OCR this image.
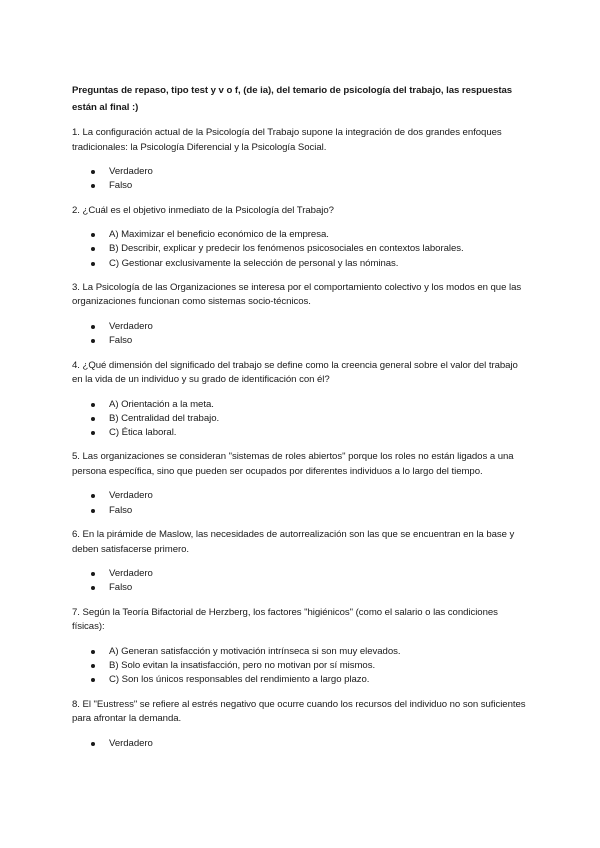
Preguntas de repaso, tipo test y v o f, (de ia), del temario de psicología del trabajo, las respuestas están al final :)

1. La configuración actual de la Psicología del Trabajo supone la integración de dos grandes enfoques tradicionales: la Psicología Diferencial y la Psicología Social.

Verdadero
Falso

2. ¿Cuál es el objetivo inmediato de la Psicología del Trabajo?

A) Maximizar el beneficio económico de la empresa.
B) Describir, explicar y predecir los fenómenos psicosociales en contextos laborales.
C) Gestionar exclusivamente la selección de personal y las nóminas.

3. La Psicología de las Organizaciones se interesa por el comportamiento colectivo y los modos en que las organizaciones funcionan como sistemas socio-técnicos.

Verdadero
Falso

4. ¿Qué dimensión del significado del trabajo se define como la creencia general sobre el valor del trabajo en la vida de un individuo y su grado de identificación con él?

A) Orientación a la meta.
B) Centralidad del trabajo.
C) Ética laboral.

5. Las organizaciones se consideran "sistemas de roles abiertos" porque los roles no están ligados a una persona específica, sino que pueden ser ocupados por diferentes individuos a lo largo del tiempo.

Verdadero
Falso

6. En la pirámide de Maslow, las necesidades de autorrealización son las que se encuentran en la base y deben satisfacerse primero.

Verdadero
Falso

7. Según la Teoría Bifactorial de Herzberg, los factores "higiénicos" (como el salario o las condiciones físicas):

A) Generan satisfacción y motivación intrínseca si son muy elevados.
B) Solo evitan la insatisfacción, pero no motivan por sí mismos.
C) Son los únicos responsables del rendimiento a largo plazo.

8. El "Eustress" se refiere al estrés negativo que ocurre cuando los recursos del individuo no son suficientes para afrontar la demanda.

Verdadero
